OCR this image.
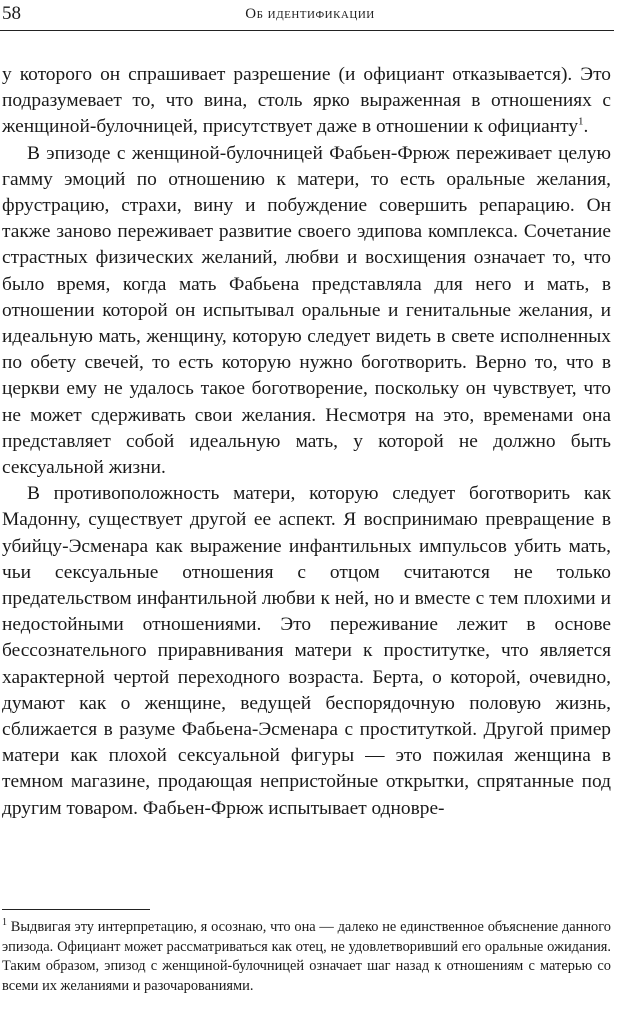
58	Об идентификации

у которого он спрашивает разрешение (и официант отказывается). Это подразумевает то, что вина, столь ярко выраженная в отношениях с женщиной-булочницей, присутствует даже в отношении к официанту$^1$.

В эпизоде с женщиной-булочницей Фабьен-Фрюж переживает целую гамму эмоций по отношению к матери, то есть оральные желания, фрустрацию, страхи, вину и побуждение совершить репарацию. Он также заново переживает развитие своего эдипова комплекса. Сочетание страстных физических желаний, любви и восхищения означает то, что было время, когда мать Фабьена представляла для него и мать, в отношении которой он испытывал оральные и генитальные желания, и идеальную мать, женщину, которую следует видеть в свете исполненных по обету свечей, то есть которую нужно боготворить. Верно то, что в церкви ему не удалось такое боготворение, поскольку он чувствует, что не может сдерживать свои желания. Несмотря на это, временами она представляет собой идеальную мать, у которой не должно быть сексуальной жизни.

В противоположность матери, которую следует боготворить как Мадонну, существует другой ее аспект. Я воспринимаю превращение в убийцу-Эсменара как выражение инфантильных импульсов убить мать, чьи сексуальные отношения с отцом считаются не только предательством инфантильной любви к ней, но и вместе с тем плохими и недостойными отношениями. Это переживание лежит в основе бессознательного приравнивания матери к проститутке, что является характерной чертой переходного возраста. Берта, о которой, очевидно, думают как о женщине, ведущей беспорядочную половую жизнь, сближается в разуме Фабьена-Эсменара с проституткой. Другой пример матери как плохой сексуальной фигуры — это пожилая женщина в темном магазине, продающая непристойные открытки, спрятанные под другим товаром. Фабьен-Фрюж испытывает одновре-

$^1$ Выдвигая эту интерпретацию, я осознаю, что она — далеко не единственное объяснение данного эпизода. Официант может рассматриваться как отец, не удовлетворивший его оральные ожидания. Таким образом, эпизод с женщиной-булочницей означает шаг назад к отношениям с матерью со всеми их желаниями и разочарованиями.
